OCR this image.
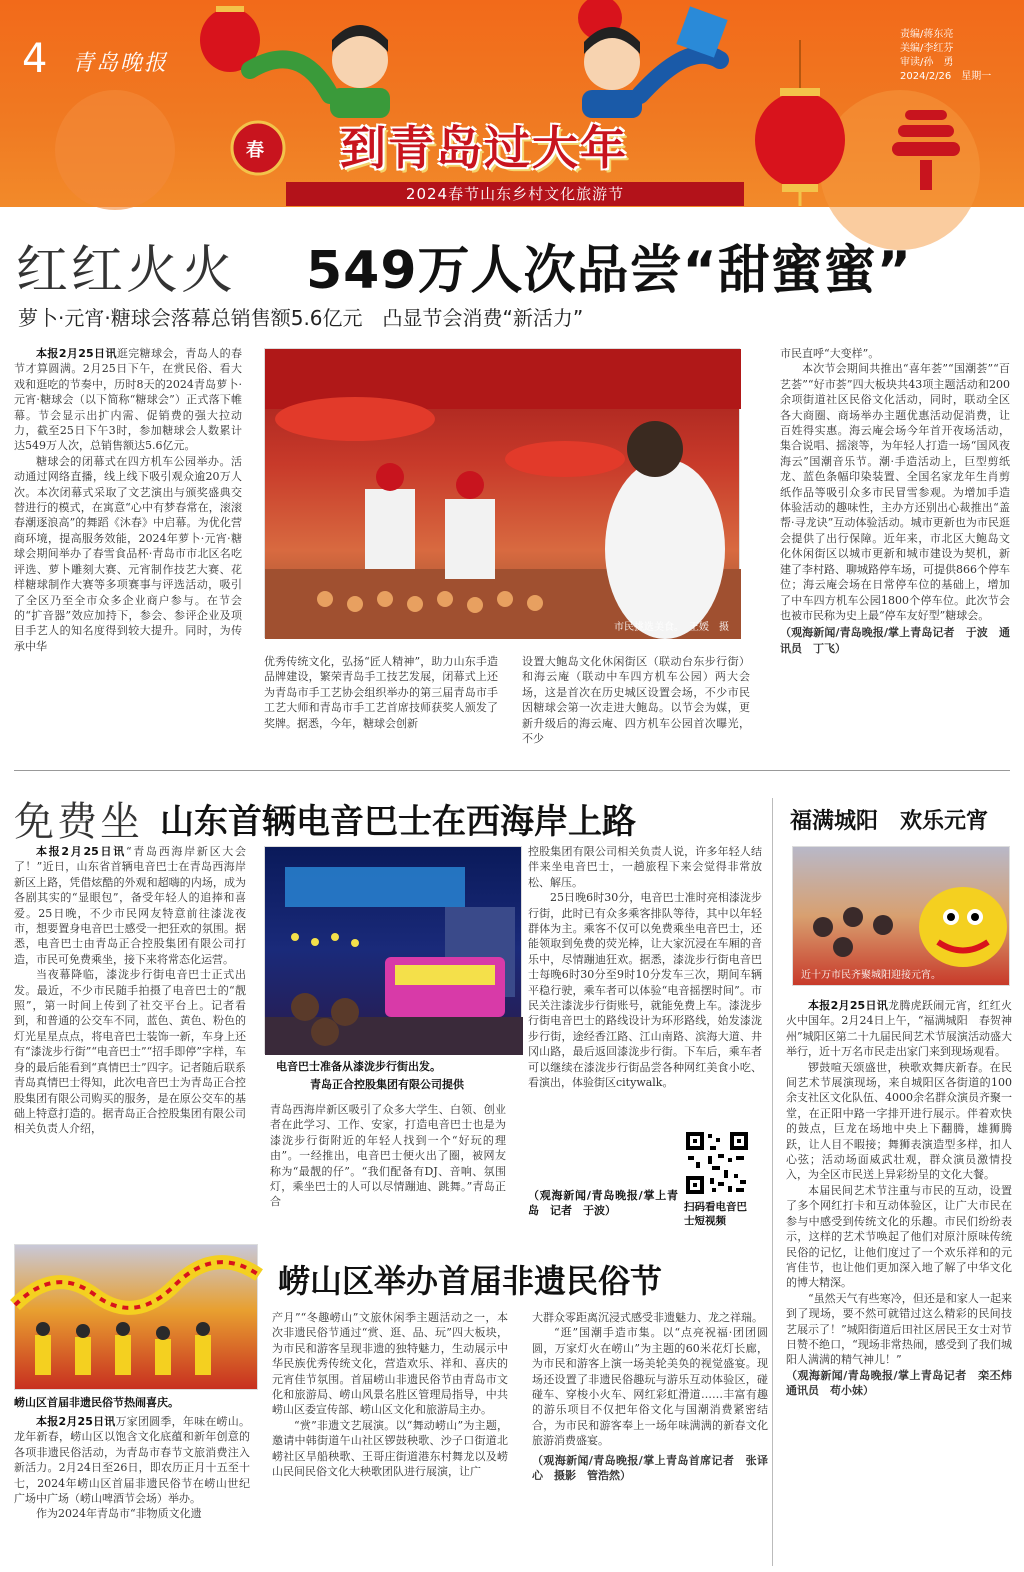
4 青岛晚报
责编/蒋东亮
美编/李红芬
审读/孙　勇
2024/2/26　星期一
春 到青岛过大年
2024春节山东乡村文化旅游节
红红火火 549万人次品尝“甜蜜蜜”
萝卜·元宵·糖球会落幕总销售额5.6亿元　凸显节会消费“新活力”

本报2月25日讯逛完糖球会，青岛人的春节才算圆满。2月25日下午，在赏民俗、看大戏和逛吃的节奏中，历时8天的2024青岛萝卜·元宵·糖球会（以下简称“糖球会”）正式落下帷幕。节会显示出扩内需、促销费的强大拉动力，截至25日下午3时，参加糖球会人数累计达549万人次，总销售额达5.6亿元。

糖球会的闭幕式在四方机车公园举办。活动通过网络直播，线上线下吸引观众逾20万人次。本次闭幕式采取了文艺演出与颁奖盛典交替进行的模式，在寓意“心中有梦春常在，滚滚春潮逐浪高”的舞蹈《沐春》中启幕。为优化营商环境，提高服务效能，2024年萝卜·元宵·糖球会期间举办了春雪食品杯·青岛市市北区名吃评选、萝卜雕刻大赛、元宵制作技艺大赛、花样糖球制作大赛等多项赛事与评选活动，吸引了全区乃至全市众多企业商户参与。在节会的“扩音器”效应加持下，参会、参评企业及项目手艺人的知名度得到较大提升。同时，为传承中华

市民挑选美食。　王媛　摄
优秀传统文化，弘扬“匠人精神”，助力山东手造品牌建设，繁荣青岛手工技艺发展，闭幕式上还为青岛市手工艺协会组织举办的第三届青岛市手工艺大师和青岛市手工艺首席技师获奖人颁发了奖牌。据悉，今年，糖球会创新
设置大鲍岛文化休闲街区（联动台东步行街）和海云庵（联动中车四方机车公园）两大会场，这是首次在历史城区设置会场，不少市民因糖球会第一次走进大鲍岛。以节会为媒，更新升级后的海云庵、四方机车公园首次曝光，不少

市民直呼“大变样”。

本次节会期间共推出“喜年荟”“国潮荟”“百艺荟”“好市荟”四大板块共43项主题活动和200余项街道社区民俗文化活动，同时，联动全区各大商圈、商场举办主题优惠活动促消费，让百姓得实惠。海云庵会场今年首开夜场活动，集合说唱、摇滚等，为年轻人打造一场“国风夜海云”国潮音乐节。潮·手造活动上，巨型剪纸龙、蓝色条幅印染装置、全国名家龙年生肖剪纸作品等吸引众多市民冒雪参观。为增加手造体验活动的趣味性，主办方还别出心裁推出“盖帮·寻龙诀”互动体验活动。城市更新也为市民逛会提供了出行保障。近年来，市北区大鲍岛文化休闲街区以城市更新和城市建设为契机，新建了李村路、聊城路停车场，可提供866个停车位；海云庵会场在日常停车位的基础上，增加了中车四方机车公园1800个停车位。此次节会也被市民称为史上最“停车友好型”糖球会。

（观海新闻/青岛晚报/掌上青岛记者　于波　通讯员　丁飞）

免费坐 山东首辆电音巴士在西海岸上路

本报2月25日讯“青岛西海岸新区大会了！”近日，山东省首辆电音巴士在青岛西海岸新区上路，凭借炫酷的外观和超嗨的内场，成为各剧其实的“显眼包”，备受年轻人的追捧和喜爱。25日晚，不少市民网友特意前往漆泷夜市，想要置身电音巴士感受一把狂欢的氛围。据悉，电音巴士由青岛正合控股集团有限公司打造，市民可免费乘坐，接下来将常态化运营。

当夜幕降临，漆泷步行街电音巴士正式出发。最近，不少市民随手拍摄了电音巴士的“靓照”，第一时间上传到了社交平台上。记者看到，和普通的公交车不同，蓝色、黄色、粉色的灯光星星点点，将电音巴士装饰一新，车身上还有“漆泷步行街”“电音巴士”“招手即停”字样，车身的最后能看到“真情巴士”四字。记者随后联系青岛真情巴士得知，此次电音巴士为青岛正合控股集团有限公司购买的服务，是在原公交车的基础上特意打造的。据青岛正合控股集团有限公司相关负责人介绍，

电音巴士准备从漆泷步行街出发。
青岛正合控股集团有限公司提供
青岛西海岸新区吸引了众多大学生、白领、创业者在此学习、工作、安家，打造电音巴士也是为漆泷步行街附近的年轻人找到一个“好玩的理由”。一经推出，电音巴士便火出了圈，被网友称为“最靓的仔”。“我们配备有DJ、音响、氛围灯，乘坐巴士的人可以尽情蹦迪、跳舞。”青岛正合

控股集团有限公司相关负责人说，许多年轻人结伴来坐电音巴士，一趟旅程下来会觉得非常放松、解压。

25日晚6时30分，电音巴士准时亮相漆泷步行街，此时已有众多乘客排队等待，其中以年轻群体为主。乘客不仅可以免费乘坐电音巴士，还能领取到免费的荧光棒，让大家沉浸在车厢的音乐中，尽情蹦迪狂欢。据悉，漆泷步行街电音巴士每晚6时30分至9时10分发车三次，期间车辆平稳行驶，乘车者可以体验“电音摇摆时间”。市民关注漆泷步行街账号，就能免费上车。漆泷步行街电音巴士的路线设计为环形路线，始发漆泷步行街，途经香江路、江山南路、滨海大道、井冈山路，最后返回漆泷步行街。下车后，乘车者可以继续在漆泷步行街品尝各种网红美食小吃、看演出，体验街区citywalk。

（观海新闻/青岛晚报/掌上青岛　记者　于波）	扫码看电音巴士短视频
崂山区首届非遗民俗节热闹喜庆。
崂山区举办首届非遗民俗节

本报2月25日讯万家团圆季，年味在崂山。龙年新春，崂山区以饱含文化底蕴和新年创意的各项非遗民俗活动，为青岛市春节文旅消费注入新活力。2月24日至26日，即农历正月十五至十七，2024年崂山区首届非遗民俗节在崂山世纪广场中广场（崂山啤酒节会场）举办。

作为2024年青岛市“非物质文化遗

产月”“冬趣崂山”文旅休闲季主题活动之一，本次非遗民俗节通过“赏、逛、品、玩”四大板块，为市民和游客呈现非遗的独特魅力，生动展示中华民族优秀传统文化，营造欢乐、祥和、喜庆的元宵佳节氛围。首届崂山非遗民俗节由青岛市文化和旅游局、崂山风景名胜区管理局指导，中共崂山区委宣传部、崂山区文化和旅游局主办。

“赏”非遗文艺展演。以“舞动崂山”为主题，邀请中韩街道午山社区锣鼓秧歌、沙子口街道北崂社区旱船秧歌、王哥庄街道港东村舞龙以及崂山民间民俗文化大秧歌团队进行展演，让广

大群众零距离沉浸式感受非遗魅力、龙之祥瑞。

“逛”国潮手造市集。以“点亮祝福·团团圆圆，万家灯火在崂山”为主题的60米花灯长廊，为市民和游客上演一场美轮美奂的视觉盛宴。现场还设置了非遗民俗趣玩与游乐互动体验区，碰碰车、穿梭小火车、网红彩虹滑道……丰富有趣的游乐项目不仅把年俗文化与国潮消费紧密结合，为市民和游客奉上一场年味满满的新春文化旅游消费盛宴。

（观海新闻/青岛晚报/掌上青岛首席记者　张译心　摄影　管浩然）

福满城阳　欢乐元宵
近十万市民齐聚城阳迎接元宵。

本报2月25日讯龙腾虎跃闹元宵，红红火火中国年。2月24日上午，“福满城阳　春贺神州”城阳区第二十九届民间艺术节展演活动盛大举行，近十万名市民走出家门来到现场观看。

锣鼓喧天颂盛世，秧歌欢舞庆新春。在民间艺术节展演现场，来自城阳区各街道的100余支社区文化队伍、4000余名群众演员齐聚一堂，在正阳中路一字排开进行展示。伴着欢快的鼓点，巨龙在场地中央上下翻腾，雄狮腾跃，让人目不暇接；舞狮表演造型多样，扣人心弦；活动场面威武壮观，群众演员激情投入，为全区市民送上异彩纷呈的文化大餐。

本届民间艺术节注重与市民的互动，设置了多个网红打卡和互动体验区，让广大市民在参与中感受到传统文化的乐趣。市民们纷纷表示，这样的艺术节唤起了他们对原汁原味传统民俗的记忆，让他们度过了一个欢乐祥和的元宵佳节，也让他们更加深入地了解了中华文化的博大精深。

“虽然天气有些寒冷，但还是和家人一起来到了现场，要不然可就错过这么精彩的民间技艺展示了！”城阳街道后田社区居民王女士对节日赞不绝口，“现场非常热闹，感受到了我们城阳人满满的精气神儿！”

（观海新闻/青岛晚报/掌上青岛记者　栾丕炜　通讯员　苟小妹）
